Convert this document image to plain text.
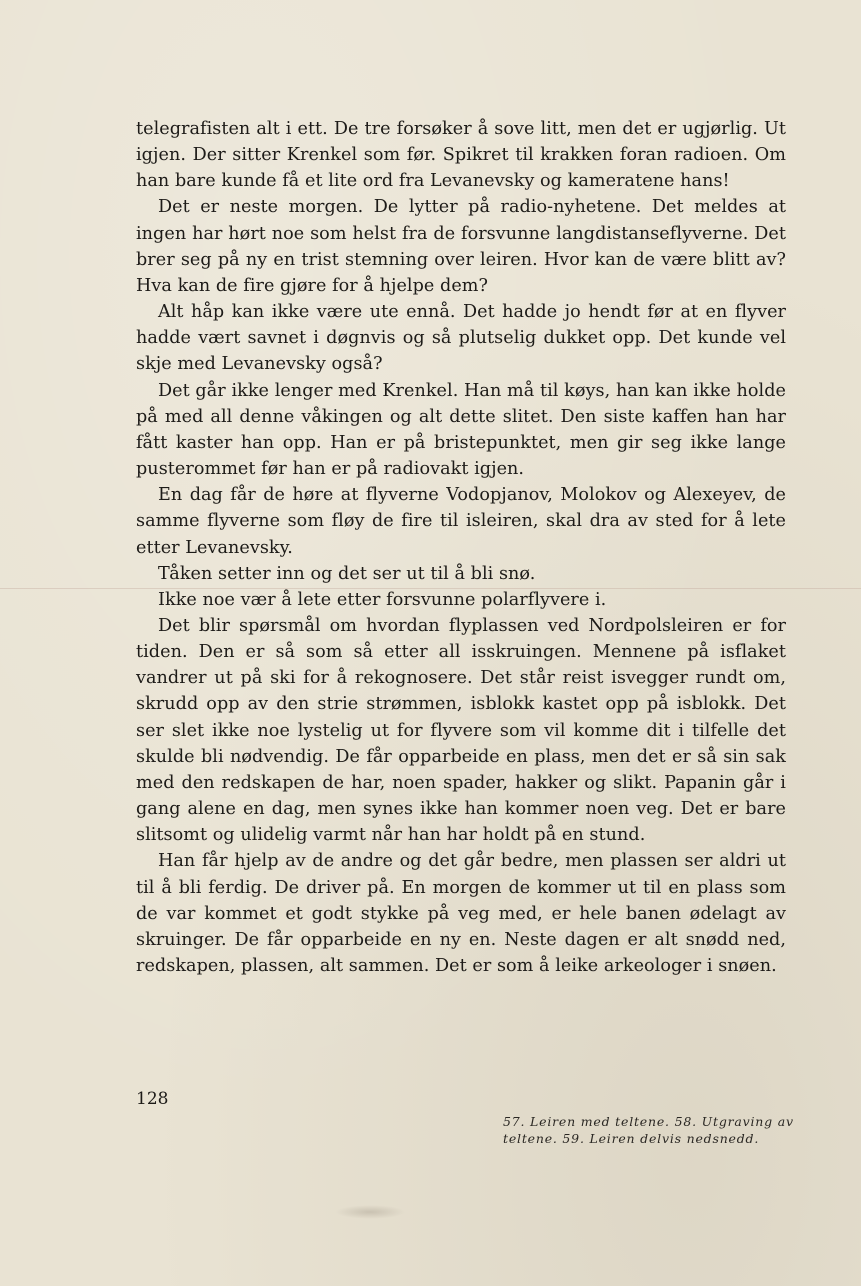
telegrafisten alt i ett. De tre forsøker å sove litt, men det er ugjørlig. Ut igjen. Der sitter Krenkel som før. Spikret til krakken foran radioen. Om han bare kunde få et lite ord fra Levanevsky og kameratene hans!

Det er neste morgen. De lytter på radio-nyhetene. Det meldes at ingen har hørt noe som helst fra de forsvunne langdistanseflyverne. Det brer seg på ny en trist stemning over leiren. Hvor kan de være blitt av? Hva kan de fire gjøre for å hjelpe dem?

Alt håp kan ikke være ute ennå. Det hadde jo hendt før at en flyver hadde vært savnet i døgnvis og så plutselig dukket opp. Det kunde vel skje med Levanevsky også?

Det går ikke lenger med Krenkel. Han må til køys, han kan ikke holde på med all denne våkingen og alt dette slitet. Den siste kaffen han har fått kaster han opp. Han er på bristepunktet, men gir seg ikke lange pusterommet før han er på radiovakt igjen.

En dag får de høre at flyverne Vodopjanov, Molokov og Alexeyev, de samme flyverne som fløy de fire til isleiren, skal dra av sted for å lete etter Levanevsky.

Tåken setter inn og det ser ut til å bli snø.

Ikke noe vær å lete etter forsvunne polarflyvere i.

Det blir spørsmål om hvordan flyplassen ved Nordpolsleiren er for tiden. Den er så som så etter all isskruingen. Mennene på isflaket vandrer ut på ski for å rekognosere. Det står reist isvegger rundt om, skrudd opp av den strie strømmen, isblokk kastet opp på isblokk. Det ser slet ikke noe lystelig ut for flyvere som vil komme dit i tilfelle det skulde bli nødvendig. De får opparbeide en plass, men det er så sin sak med den redskapen de har, noen spader, hakker og slikt. Papanin går i gang alene en dag, men synes ikke han kommer noen veg. Det er bare slitsomt og ulidelig varmt når han har holdt på en stund.

Han får hjelp av de andre og det går bedre, men plassen ser aldri ut til å bli ferdig. De driver på. En morgen de kommer ut til en plass som de var kommet et godt stykke på veg med, er hele banen ødelagt av skruinger. De får opparbeide en ny en. Neste dagen er alt snødd ned, redskapen, plassen, alt sammen. Det er som å leike arkeologer i snøen.

128
57. Leiren med teltene. 58. Utgraving av teltene. 59. Leiren delvis nedsnedd.
